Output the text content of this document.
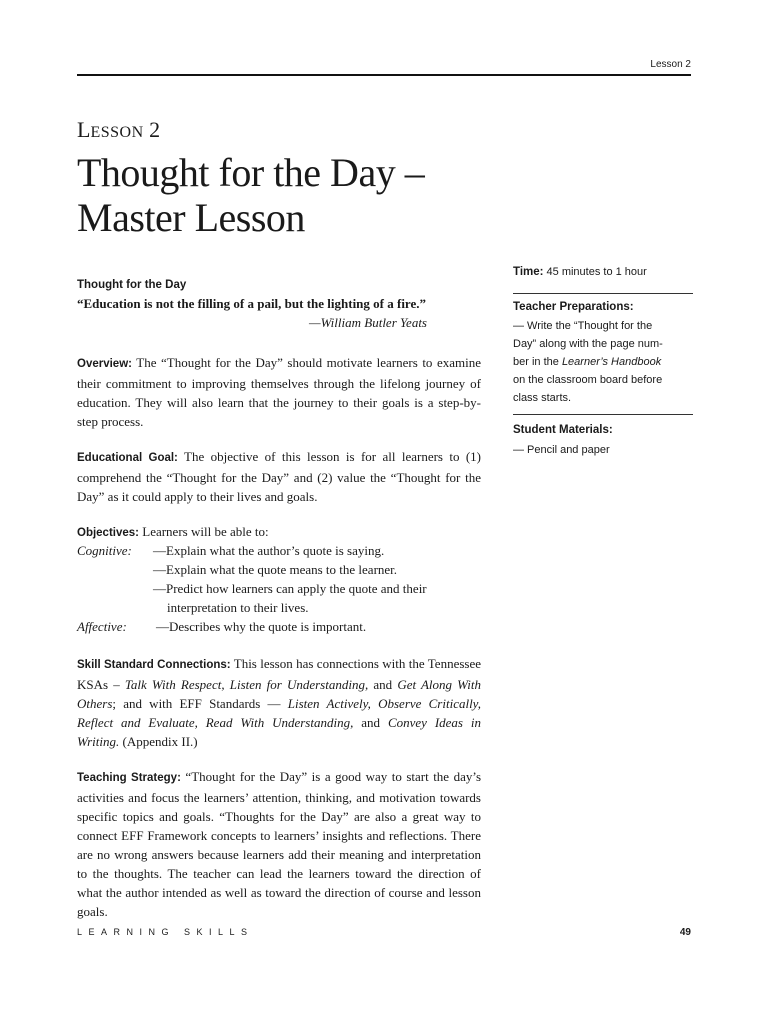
Lesson 2
LESSON 2
Thought for the Day –
Master Lesson
Thought for the Day
“Education is not the filling of a pail, but the lighting of a fire.”
—William Butler Yeats

Overview: The “Thought for the Day” should motivate learners to examine their commitment to improving themselves through the lifelong journey of education. They will also learn that the journey to their goals is a step-by-step process.

Educational Goal: The objective of this lesson is for all learners to (1) comprehend the “Thought for the Day” and (2) value the “Thought for the Day” as it could apply to their lives and goals.

Objectives: Learners will be able to:
Cognitive: —Explain what the author’s quote is saying.
—Explain what the quote means to the learner.
—Predict how learners can apply the quote and their
interpretation to their lives.
Affective: —Describes why the quote is important.

Skill Standard Connections: This lesson has connections with the Tennessee KSAs – Talk With Respect, Listen for Understanding, and Get Along With Others; and with EFF Standards — Listen Actively, Observe Critically, Reflect and Evaluate, Read With Understanding, and Convey Ideas in Writing. (Appendix II.)

Teaching Strategy: “Thought for the Day” is a good way to start the day’s activities and focus the learners’ attention, thinking, and motivation towards specific topics and goals. “Thoughts for the Day” are also a great way to connect EFF Framework concepts to learners’ insights and reflections. There are no wrong answers because learners add their meaning and interpretation to the thoughts. The teacher can lead the learners toward the direction of what the author intended as well as toward the direction of course and lesson goals.

Time: 45 minutes to 1 hour
Teacher Preparations:
— Write the “Thought for the
Day” along with the page num-
ber in the Learner’s Handbook
on the classroom board before
class starts.
Student Materials:
— Pencil and paper
LEARNING SKILLS	49
